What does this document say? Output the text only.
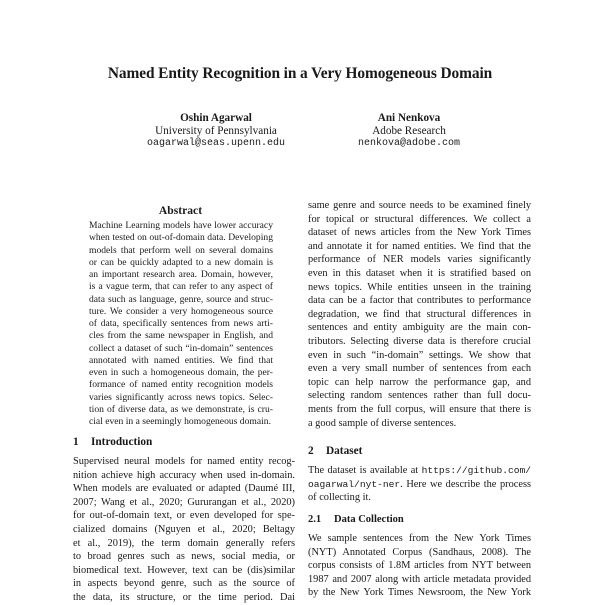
Named Entity Recognition in a Very Homogeneous Domain
Oshin Agarwal
University of Pennsylvania
oagarwal@seas.upenn.edu
Ani Nenkova
Adobe Research
nenkova@adobe.com
Abstract
Machine Learning models have lower accuracy
when tested on out-of-domain data. Developing
models that perform well on several domains
or can be quickly adapted to a new domain is
an important research area. Domain, however,
is a vague term, that can refer to any aspect of
data such as language, genre, source and struc-
ture. We consider a very homogeneous source
of data, specifically sentences from news arti-
cles from the same newspaper in English, and
collect a dataset of such “in-domain” sentences
annotated with named entities. We find that
even in such a homogeneous domain, the per-
formance of named entity recognition models
varies significantly across news topics. Selec-
tion of diverse data, as we demonstrate, is cru-
cial even in a seemingly homogeneous domain.
1 Introduction
Supervised neural models for named entity recog-
nition achieve high accuracy when used in-domain.
When models are evaluated or adapted (Daumé III,
2007; Wang et al., 2020; Gururangan et al., 2020)
for out-of-domain text, or even developed for spe-
cialized domains (Nguyen et al., 2020; Beltagy
et al., 2019), the term domain generally refers
to broad genres such as news, social media, or
biomedical text. However, text can be (dis)similar
in aspects beyond genre, such as the source of
the data, its structure, or the time period. Dai
same genre and source needs to be examined finely
for topical or structural differences. We collect a
dataset of news articles from the New York Times
and annotate it for named entities. We find that the
performance of NER models varies significantly
even in this dataset when it is stratified based on
news topics. While entities unseen in the training
data can be a factor that contributes to performance
degradation, we find that structural differences in
sentences and entity ambiguity are the main con-
tributors. Selecting diverse data is therefore crucial
even in such “in-domain” settings. We show that
even a very small number of sentences from each
topic can help narrow the performance gap, and
selecting random sentences rather than full docu-
ments from the full corpus, will ensure that there is
a good sample of diverse sentences.
2 Dataset
The dataset is available at https://github.com/
oagarwal/nyt-ner. Here we describe the process
of collecting it.
2.1 Data Collection
We sample sentences from the New York Times
(NYT) Annotated Corpus (Sandhaus, 2008). The
corpus consists of 1.8M articles from NYT between
1987 and 2007 along with article metadata provided
by the New York Times Newsroom, the New York
